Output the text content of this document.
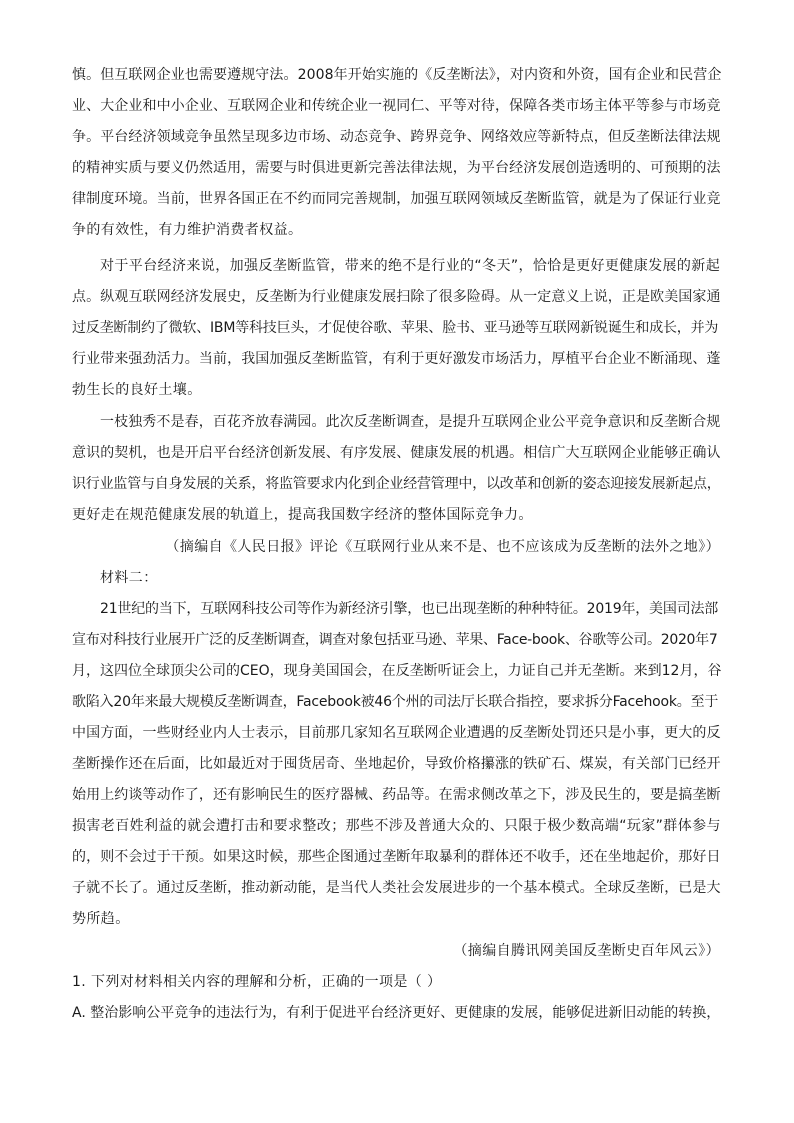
慎。但互联网企业也需要遵规守法。2008年开始实施的《反垄断法》，对内资和外资，国有企业和民营企
业、大企业和中小企业、互联网企业和传统企业一视同仁、平等对待，保障各类市场主体平等参与市场竞
争。平台经济领域竞争虽然呈现多边市场、动态竞争、跨界竞争、网络效应等新特点，但反垄断法律法规
的精神实质与要义仍然适用，需要与时俱进更新完善法律法规，为平台经济发展创造透明的、可预期的法
律制度环境。当前，世界各国正在不约而同完善规制，加强互联网领域反垄断监管，就是为了保证行业竞
争的有效性，有力维护消费者权益。
对于平台经济来说，加强反垄断监管，带来的绝不是行业的“冬天”，恰恰是更好更健康发展的新起
点。纵观互联网经济发展史，反垄断为行业健康发展扫除了很多险碍。从一定意义上说，正是欧美国家通
过反垄断制约了微软、IBM等科技巨头，才促使谷歌、苹果、脸书、亚马逊等互联网新锐诞生和成长，并为
行业带来强劲活力。当前，我国加强反垄断监管，有利于更好激发市场活力，厚植平台企业不断涌现、蓬
勃生长的良好土壤。
一枝独秀不是春，百花齐放春满园。此次反垄断调查，是提升互联网企业公平竞争意识和反垄断合规
意识的契机，也是开启平台经济创新发展、有序发展、健康发展的机遇。相信广大互联网企业能够正确认
识行业监管与自身发展的关系，将监管要求内化到企业经营管理中，以改革和创新的姿态迎接发展新起点，
更好走在规范健康发展的轨道上，提高我国数字经济的整体国际竞争力。
（摘编自《人民日报》评论《互联网行业从来不是、也不应该成为反垄断的法外之地》）
材料二：
21世纪的当下，互联网科技公司等作为新经济引擎，也已出现垄断的种种特征。2019年，美国司法部
宣布对科技行业展开广泛的反垄断调查，调查对象包括亚马逊、苹果、Face-book、谷歌等公司。2020年7
月，这四位全球顶尖公司的CEO，现身美国国会，在反垄断听证会上，力证自己并无垄断。来到12月，谷
歌陷入20年来最大规模反垄断调查，Facebook被46个州的司法厅长联合指控，要求拆分Facehook。至于
中国方面，一些财经业内人士表示，目前那几家知名互联网企业遭遇的反垄断处罚还只是小事，更大的反
垄断操作还在后面，比如最近对于囤货居奇、坐地起价，导致价格攥涨的铁矿石、煤炭，有关部门已经开
始用上约谈等动作了，还有影响民生的医疗器械、药品等。在需求侧改革之下，涉及民生的，要是搞垄断
损害老百姓利益的就会遭打击和要求整改；那些不涉及普通大众的、只限于极少数高端“玩家”群体参与
的，则不会过于干预。如果这时候，那些企图通过垄断年取暴利的群体还不收手，还在坐地起价，那好日
子就不长了。通过反垄断，推动新动能，是当代人类社会发展进步的一个基本模式。全球反垄断，已是大
势所趋。
（摘编自腾讯网美国反垄断史百年风云》）
1. 下列对材料相关内容的理解和分析，正确的一项是（ ）
A. 整治影响公平竞争的违法行为，有利于促进平台经济更好、更健康的发展，能够促进新旧动能的转换，
